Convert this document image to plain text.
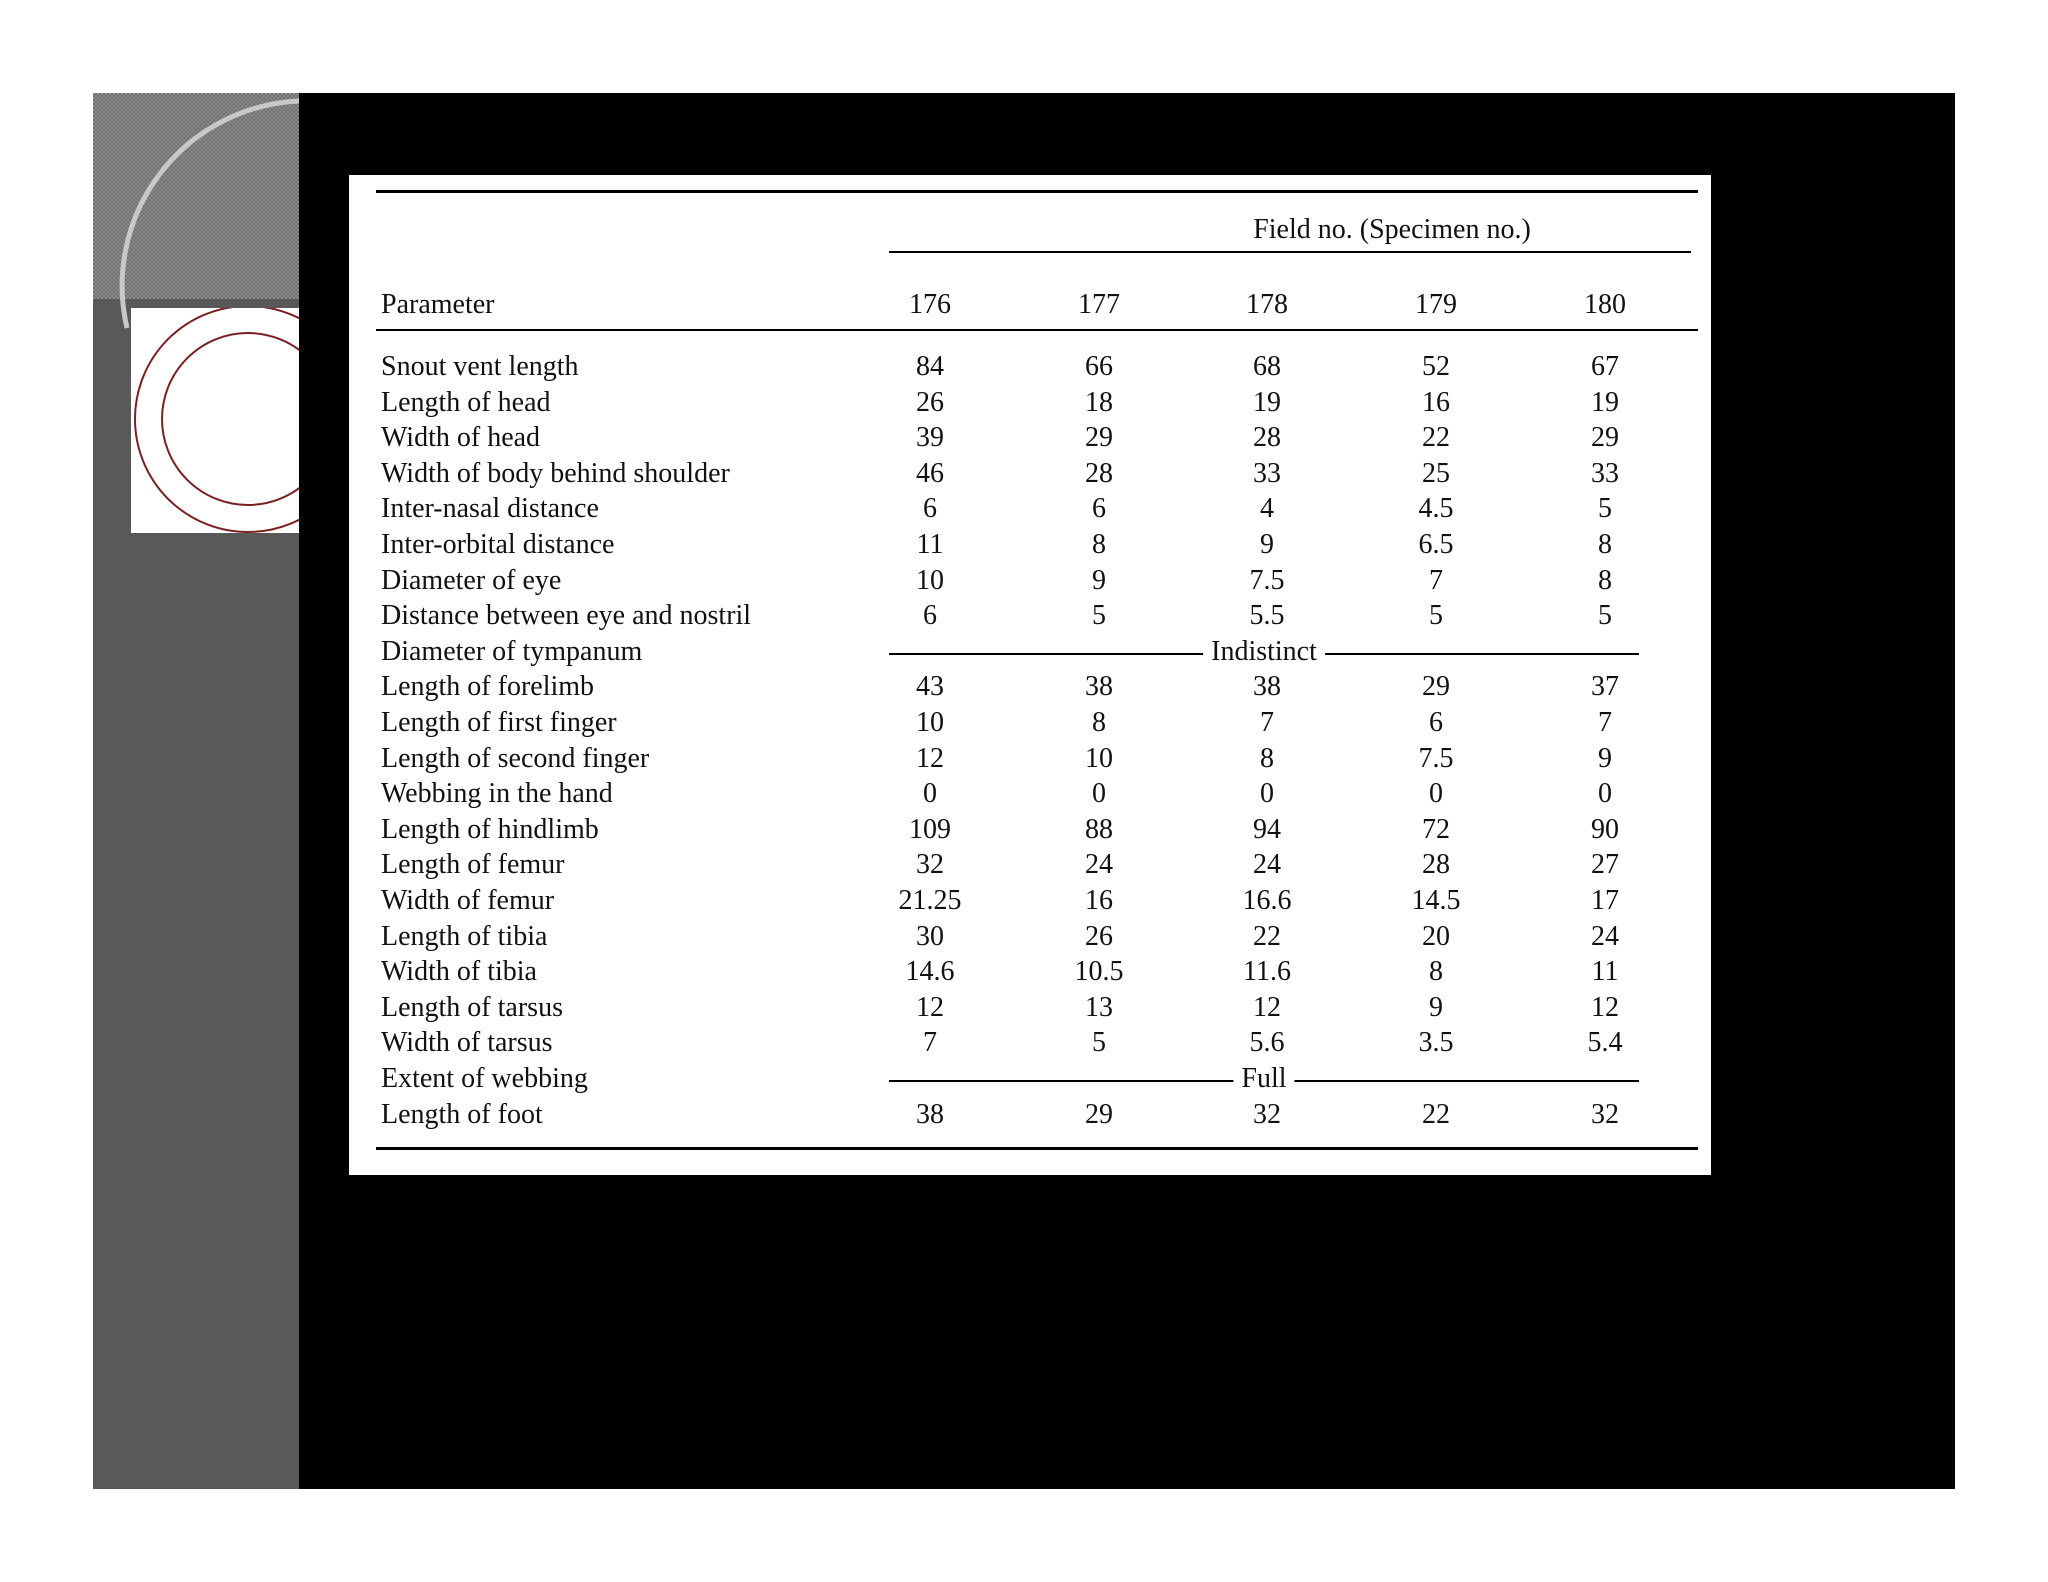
Field no. (Specimen no.)
Parameter	176	177	178	179	180
Snout vent length	84	66	68	52	67
Length of head	26	18	19	16	19
Width of head	39	29	28	22	29
Width of body behind shoulder	46	28	33	25	33
Inter-nasal distance	6	6	4	4.5	5
Inter-orbital distance	11	8	9	6.5	8
Diameter of eye	10	9	7.5	7	8
Distance between eye and nostril	6	5	5.5	5	5
Diameter of tympanum	Indistinct
Length of forelimb	43	38	38	29	37
Length of first finger	10	8	7	6	7
Length of second finger	12	10	8	7.5	9
Webbing in the hand	0	0	0	0	0
Length of hindlimb	109	88	94	72	90
Length of femur	32	24	24	28	27
Width of femur	21.25	16	16.6	14.5	17
Length of tibia	30	26	22	20	24
Width of tibia	14.6	10.5	11.6	8	11
Length of tarsus	12	13	12	9	12
Width of tarsus	7	5	5.6	3.5	5.4
Extent of webbing	Full
Length of foot	38	29	32	22	32
